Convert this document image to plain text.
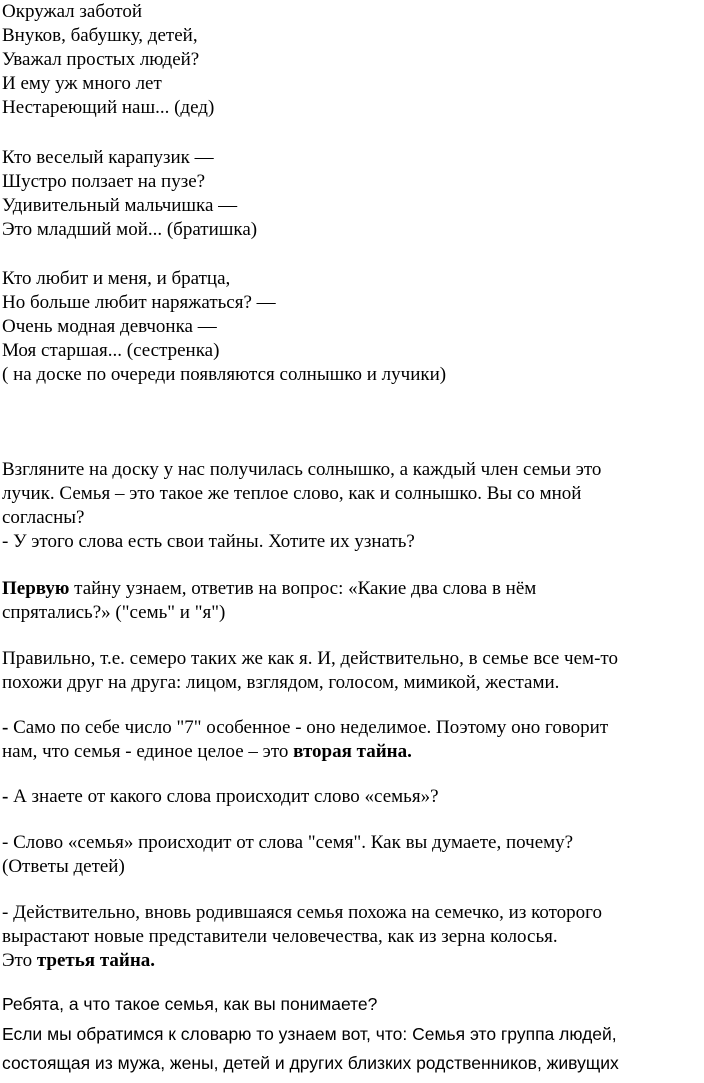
Окружал заботой
Внуков, бабушку, детей,
Уважал простых людей?
И ему уж много лет
Нестареющий наш... (дед)
Кто веселый карапузик —
Шустро ползает на пузе?
Удивительный мальчишка —
Это младший мой... (братишка)
Кто любит и меня, и братца,
Но больше любит наряжаться? —
Очень модная девчонка —
Моя старшая... (сестренка)
( на доске по очереди появляются солнышко и лучики)
Взгляните на доску у нас получилась солнышко, а каждый член семьи это
лучик. Семья – это такое же теплое слово, как и солнышко. Вы со мной
согласны?
- У этого слова есть свои тайны. Хотите их узнать?
Первую тайну узнаем, ответив на вопрос: «Какие два слова в нём
спрятались?» ("семь" и "я")
Правильно, т.е. семеро таких же как я. И, действительно, в семье все чем-то
похожи друг на друга: лицом, взглядом, голосом, мимикой, жестами.
- Само по себе число "7" особенное - оно неделимое. Поэтому оно говорит
нам, что семья - единое целое – это вторая тайна.
- А знаете от какого слова происходит слово «семья»?
- Слово «семья» происходит от слова "семя". Как вы думаете, почему?
(Ответы детей)
- Действительно, вновь родившаяся семья похожа на семечко, из которого
вырастают новые представители человечества, как из зерна колосья.
Это третья тайна.
Ребята, а что такое семья, как вы понимаете?
Если мы обратимся к словарю то узнаем вот, что: Семья это группа людей,
состоящая из мужа, жены, детей и других близких родственников, живущих
